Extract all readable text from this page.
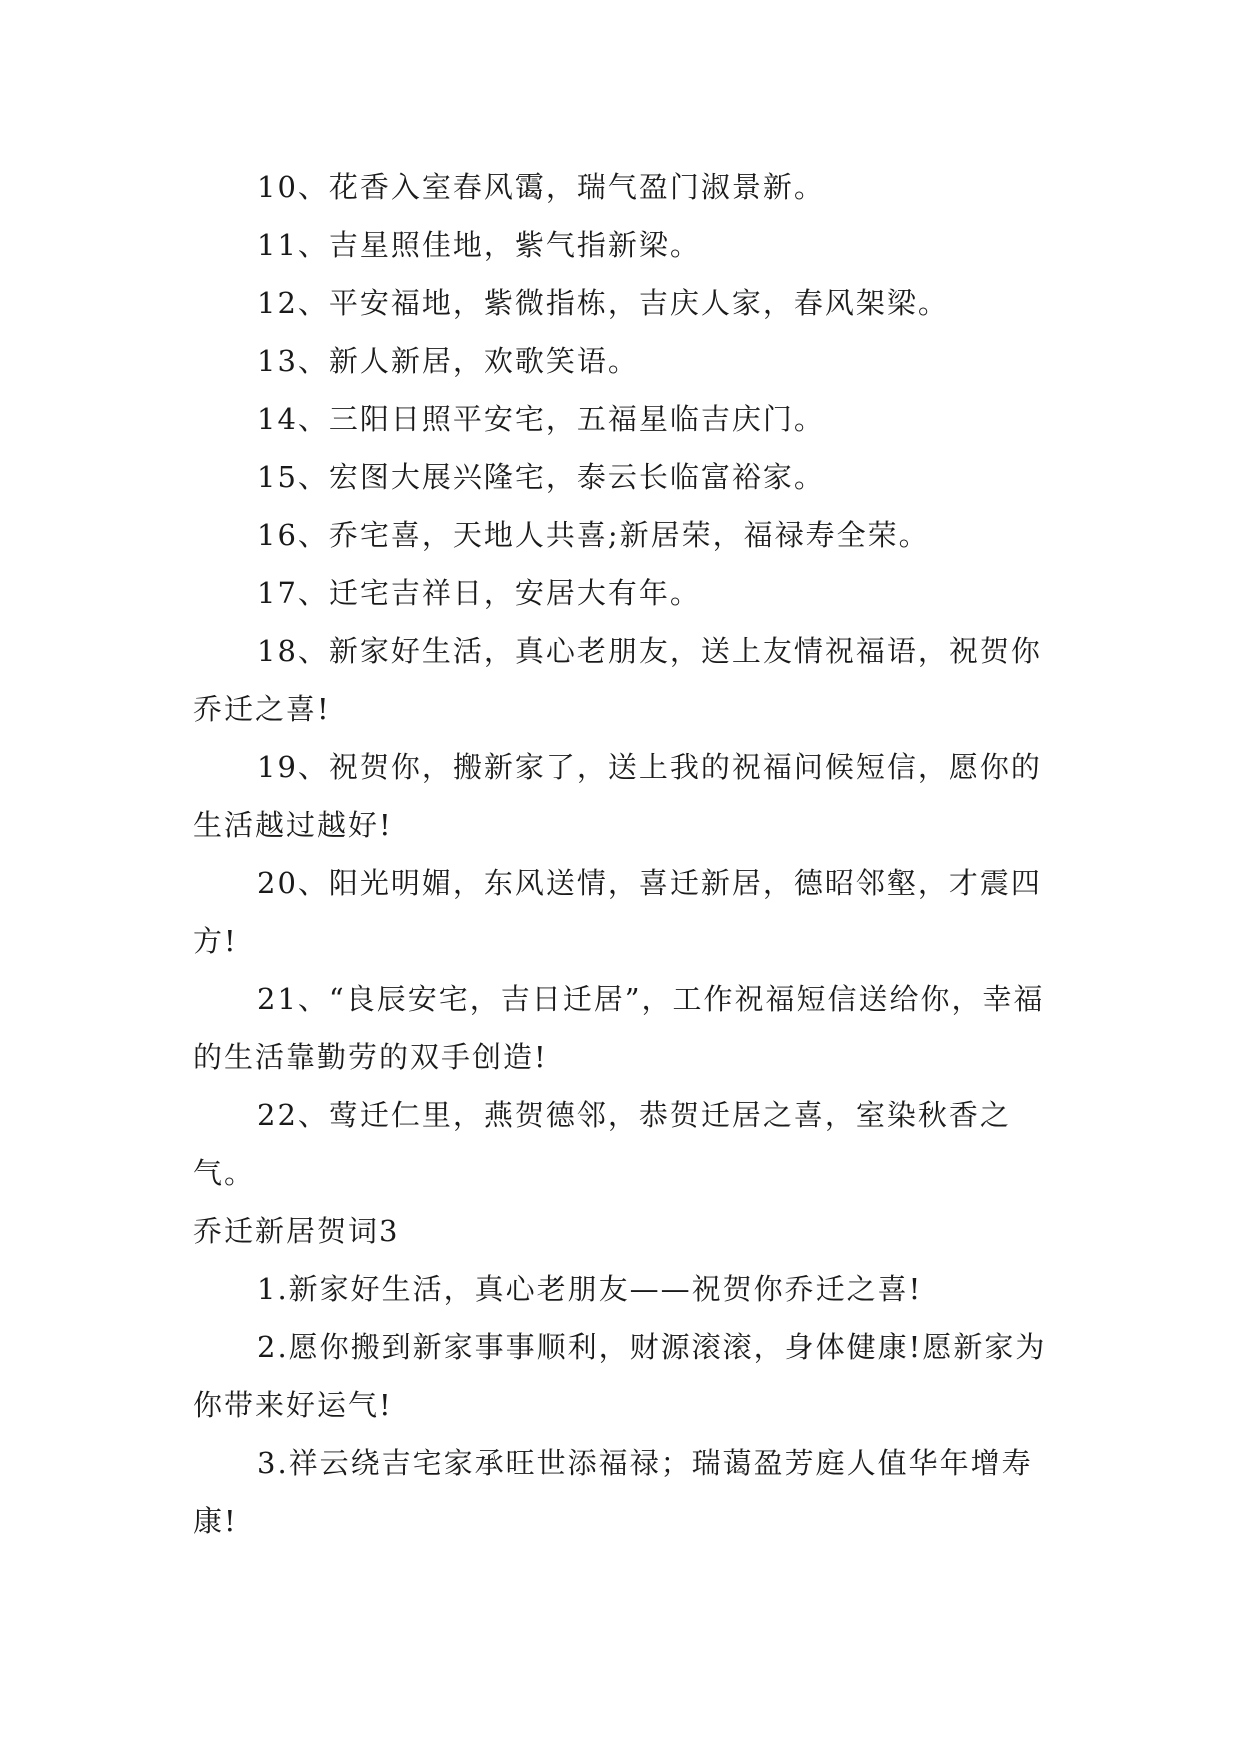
10、花香入室春风霭，瑞气盈门淑景新。

11、吉星照佳地，紫气指新梁。

12、平安福地，紫微指栋，吉庆人家，春风架梁。

13、新人新居，欢歌笑语。

14、三阳日照平安宅，五福星临吉庆门。

15、宏图大展兴隆宅，泰云长临富裕家。

16、乔宅喜，天地人共喜;新居荣，福禄寿全荣。

17、迁宅吉祥日，安居大有年。

18、新家好生活，真心老朋友，送上友情祝福语，祝贺你乔迁之喜!

19、祝贺你，搬新家了，送上我的祝福问候短信，愿你的生活越过越好!

20、阳光明媚，东风送情，喜迁新居，德昭邻壑，才震四方!

21、“良辰安宅，吉日迁居”，工作祝福短信送给你，幸福的生活靠勤劳的双手创造!

22、莺迁仁里，燕贺德邻，恭贺迁居之喜，室染秋香之气。

乔迁新居贺词3

1.新家好生活，真心老朋友——祝贺你乔迁之喜!

2.愿你搬到新家事事顺利，财源滚滚，身体健康!愿新家为你带来好运气!

3.祥云绕吉宅家承旺世添福禄；瑞蔼盈芳庭人值华年增寿康!
